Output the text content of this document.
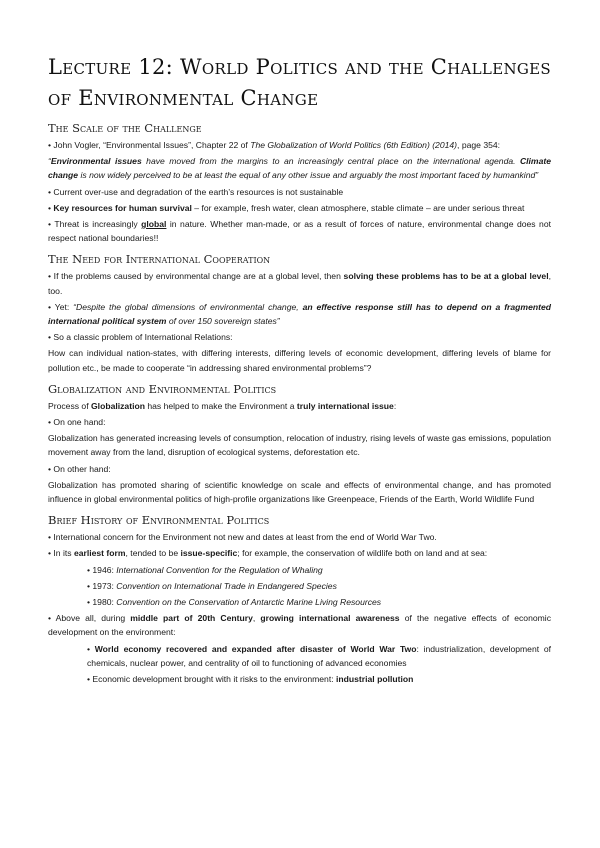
Lecture 12: World Politics and the Challenges of Environmental Change
The Scale of the Challenge

• John Vogler, “Environmental Issues”, Chapter 22 of The Globalization of World Politics (6th Edition) (2014), page 354:

“Environmental issues have moved from the margins to an increasingly central place on the international agenda. Climate change is now widely perceived to be at least the equal of any other issue and arguably the most important faced by humankind”

• Current over-use and degradation of the earth’s resources is not sustainable

• Key resources for human survival – for example, fresh water, clean atmosphere, stable climate – are under serious threat

• Threat is increasingly global in nature. Whether man-made, or as a result of forces of nature, environmental change does not respect national boundaries!!

The Need for International Cooperation

• If the problems caused by environmental change are at a global level, then solving these problems has to be at a global level, too.

• Yet: “Despite the global dimensions of environmental change, an effective response still has to depend on a fragmented international political system of over 150 sovereign states”

• So a classic problem of International Relations:

How can individual nation-states, with differing interests, differing levels of economic development, differing levels of blame for pollution etc., be made to cooperate “in addressing shared environmental problems”?

Globalization and Environmental Politics

Process of Globalization has helped to make the Environment a truly international issue:

• On one hand:

Globalization has generated increasing levels of consumption, relocation of industry, rising levels of waste gas emissions, population movement away from the land, disruption of ecological systems, deforestation etc.

• On other hand:

Globalization has promoted sharing of scientific knowledge on scale and effects of environmental change, and has promoted influence in global environmental politics of high-profile organizations like Greenpeace, Friends of the Earth, World Wildlife Fund

Brief History of Environmental Politics

• International concern for the Environment not new and dates at least from the end of World War Two.

• In its earliest form, tended to be issue-specific; for example, the conservation of wildlife both on land and at sea:

• 1946: International Convention for the Regulation of Whaling

• 1973: Convention on International Trade in Endangered Species

• 1980: Convention on the Conservation of Antarctic Marine Living Resources

• Above all, during middle part of 20th Century, growing international awareness of the negative effects of economic development on the environment:

• World economy recovered and expanded after disaster of World War Two: industrialization, development of chemicals, nuclear power, and centrality of oil to functioning of advanced economies

• Economic development brought with it risks to the environment: industrial pollution
